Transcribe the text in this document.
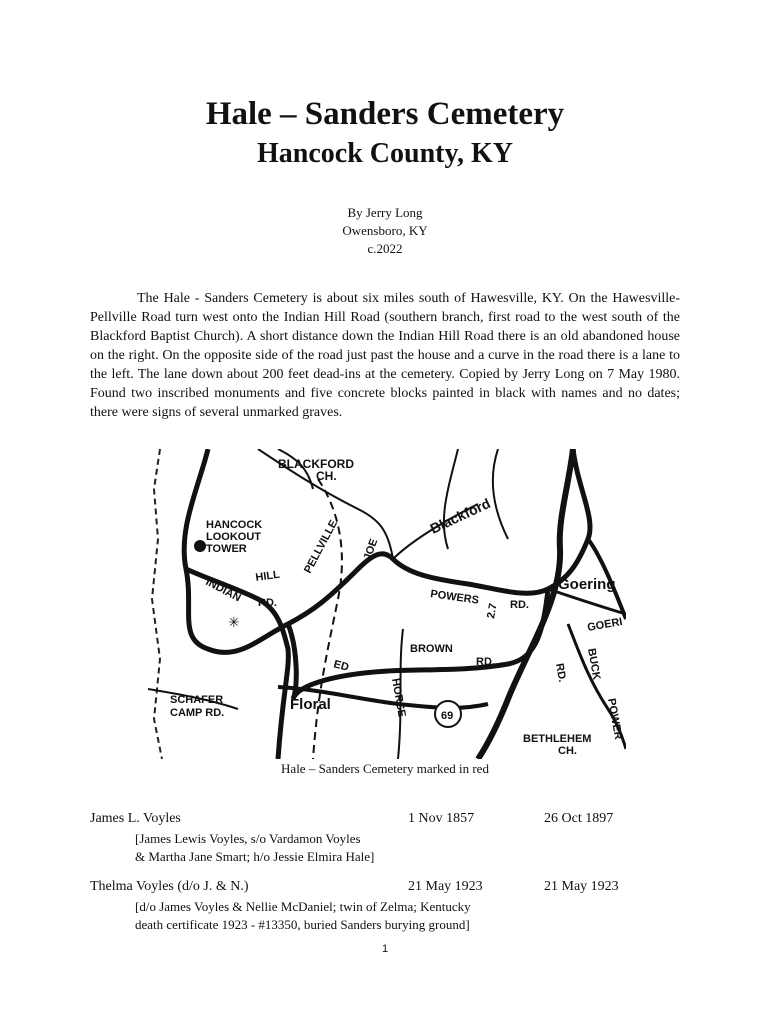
Hale – Sanders Cemetery
Hancock County, KY
By Jerry Long
Owensboro, KY
c.2022

The Hale - Sanders Cemetery is about six miles south of Hawesville, KY. On the Hawesville- Pellville Road turn west onto the Indian Hill Road (southern branch, first road to the west south of the Blackford Baptist Church). A short distance down the Indian Hill Road there is an old abandoned house on the right. On the opposite side of the road just past the house and a curve in the road there is a lane to the left. The lane down about 200 feet dead-ins at the cemetery. Copied by Jerry Long on 7 May 1980. Found two inscribed monuments and five concrete blocks painted in black with names and no dates; there were signs of several unmarked graves.

✳
BLACKFORD
CH.
Blackford
HANCOCK
LOOKOUT
TOWER	PELLVILLE
INDIAN HILL
RD.
JOE
POWERS	RD.
Goering
GOERI
BROWN
RD.
ED
HORSE	69
2.7
SCHAFER
CAMP RD.	Floral
BETHLEHEM
CH.
RD. BUCK
POWER
Hale – Sanders Cemetery marked in red
James L. Voyles	1 Nov 1857	26 Oct 1897
[James Lewis Voyles, s/o Vardamon Voyles
& Martha Jane Smart; h/o Jessie Elmira Hale]
Thelma Voyles (d/o J. & N.)	21 May 1923	21 May 1923
[d/o James Voyles & Nellie McDaniel; twin of Zelma; Kentucky
death certificate 1923 - #13350, buried Sanders burying ground]
1
